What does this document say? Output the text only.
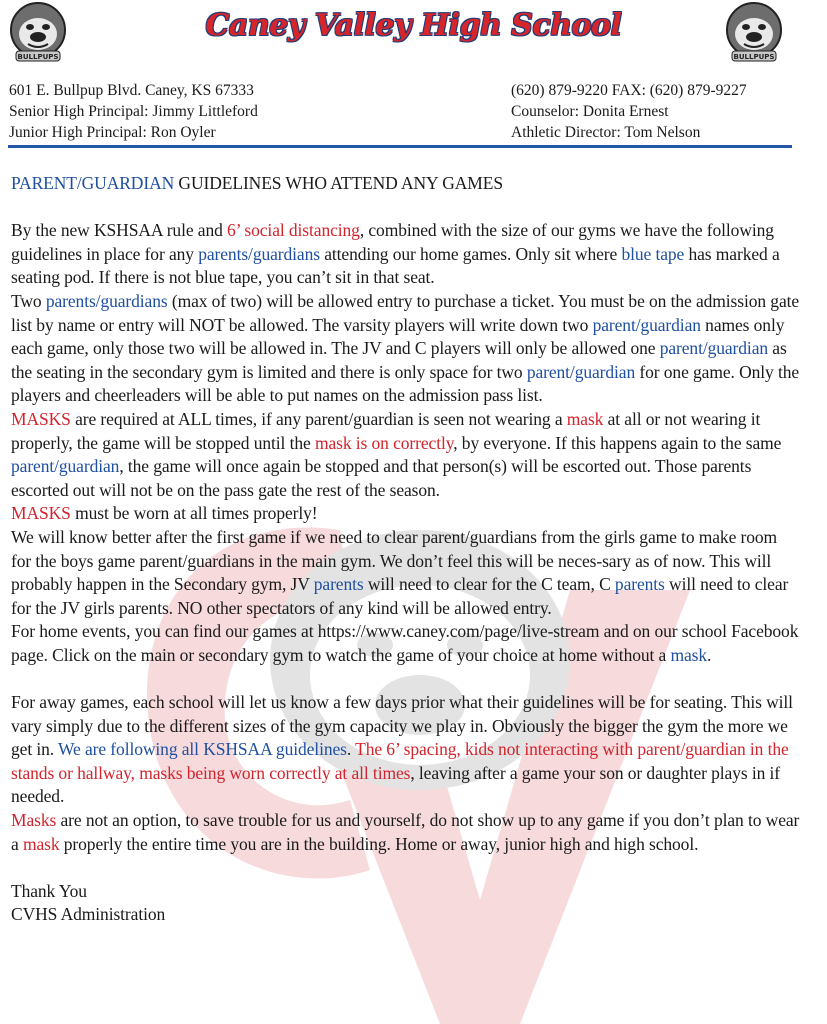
BULLPUPS	BULLPUPS
Caney Valley High School
601 E. Bullpup Blvd. Caney, KS 67333
Senior High Principal: Jimmy Littleford
Junior High Principal: Ron Oyler
(620) 879-9220 FAX: (620) 879-9227
Counselor: Donita Ernest
Athletic Director: Tom Nelson

PARENT/GUARDIAN GUIDELINES WHO ATTEND ANY GAMES

By the new KSHSAA rule and 6’ social distancing, combined with the size of our gyms we have the following guidelines in place for any parents/guardians attending our home games. Only sit where blue tape has marked a seating pod. If there is not blue tape, you can’t sit in that seat.

Two parents/guardians (max of two) will be allowed entry to purchase a ticket. You must be on the admission gate list by name or entry will NOT be allowed. The varsity players will write down two parent/guardian names only each game, only those two will be allowed in. The JV and C players will only be allowed one parent/guardian as the seating in the secondary gym is limited and there is only space for two parent/guardian for one game. Only the players and cheerleaders will be able to put names on the admission pass list.

MASKS are required at ALL times, if any parent/guardian is seen not wearing a mask at all or not wearing it properly, the game will be stopped until the mask is on correctly, by everyone. If this happens again to the same parent/guardian, the game will once again be stopped and that person(s) will be escorted out. Those parents escorted out will not be on the pass gate the rest of the season.

MASKS must be worn at all times properly!

We will know better after the first game if we need to clear parent/guardians from the girls game to make room for the boys game parent/guardians in the main gym. We don’t feel this will be neces-sary as of now. This will probably happen in the Secondary gym, JV parents will need to clear for the C team, C parents will need to clear for the JV girls parents. NO other spectators of any kind will be allowed entry.

For home events, you can find our games at https://www.caney.com/page/live-stream and on our school Facebook page. Click on the main or secondary gym to watch the game of your choice at home without a mask.

For away games, each school will let us know a few days prior what their guidelines will be for seating. This will vary simply due to the different sizes of the gym capacity we play in. Obviously the bigger the gym the more we get in. We are following all KSHSAA guidelines. The 6’ spacing, kids not interacting with parent/guardian in the stands or hallway, masks being worn correctly at all times, leaving after a game your son or daughter plays in if needed.

Masks are not an option, to save trouble for us and yourself, do not show up to any game if you don’t plan to wear a mask properly the entire time you are in the building. Home or away, junior high and high school.

Thank You

CVHS Administration
